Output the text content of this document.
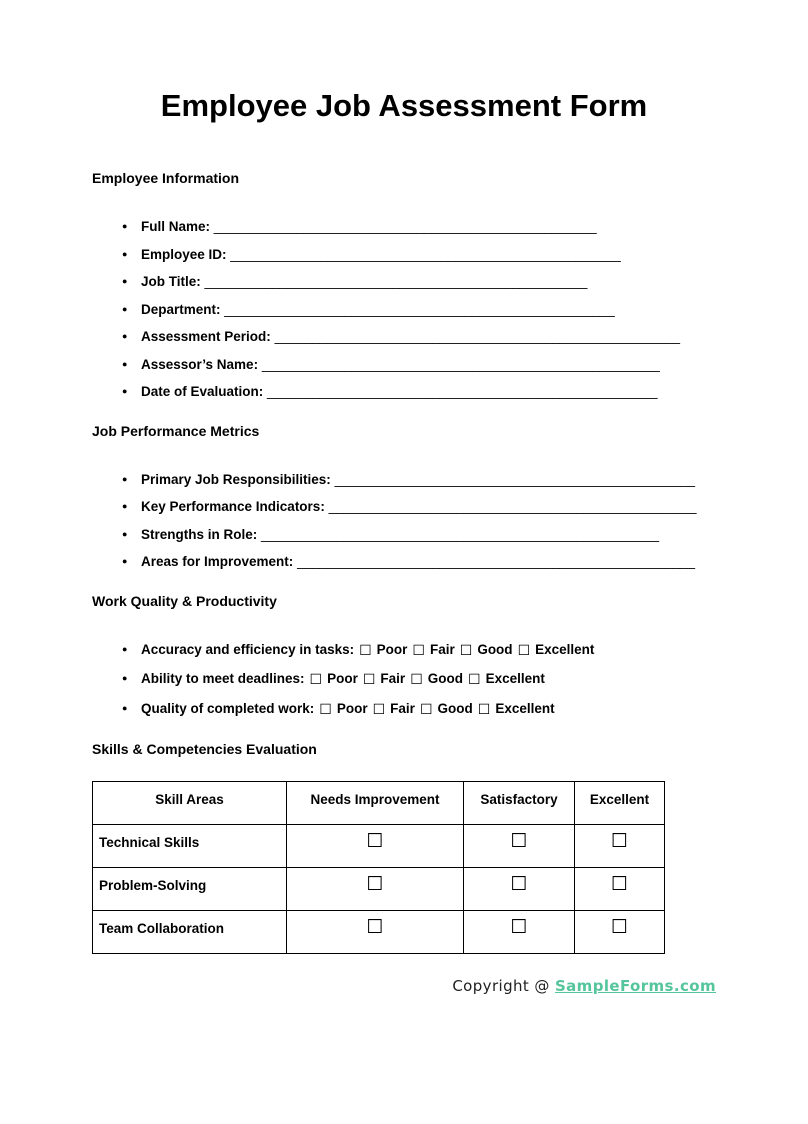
Employee Job Assessment Form
Employee Information
● Full Name: ___________________________________________________
● Employee ID: ____________________________________________________
● Job Title: ___________________________________________________
● Department: ____________________________________________________
● Assessment Period: ______________________________________________________
● Assessor’s Name: _____________________________________________________
● Date of Evaluation: ____________________________________________________
Job Performance Metrics
● Primary Job Responsibilities: ________________________________________________
● Key Performance Indicators: _________________________________________________
● Strengths in Role: _____________________________________________________
● Areas for Improvement: _____________________________________________________
Work Quality & Productivity
● Accuracy and efficiency in tasks: ☐ Poor ☐ Fair ☐ Good ☐ Excellent
● Ability to meet deadlines: ☐ Poor ☐ Fair ☐ Good ☐ Excellent
● Quality of completed work: ☐ Poor ☐ Fair ☐ Good ☐ Excellent
Skills & Competencies Evaluation
Skill Areas	Needs Improvement	Satisfactory	Excellent
Technical Skills	☐	☐	☐
Problem-Solving	☐	☐	☐
Team Collaboration	☐	☐	☐
Copyright @ SampleForms.com
